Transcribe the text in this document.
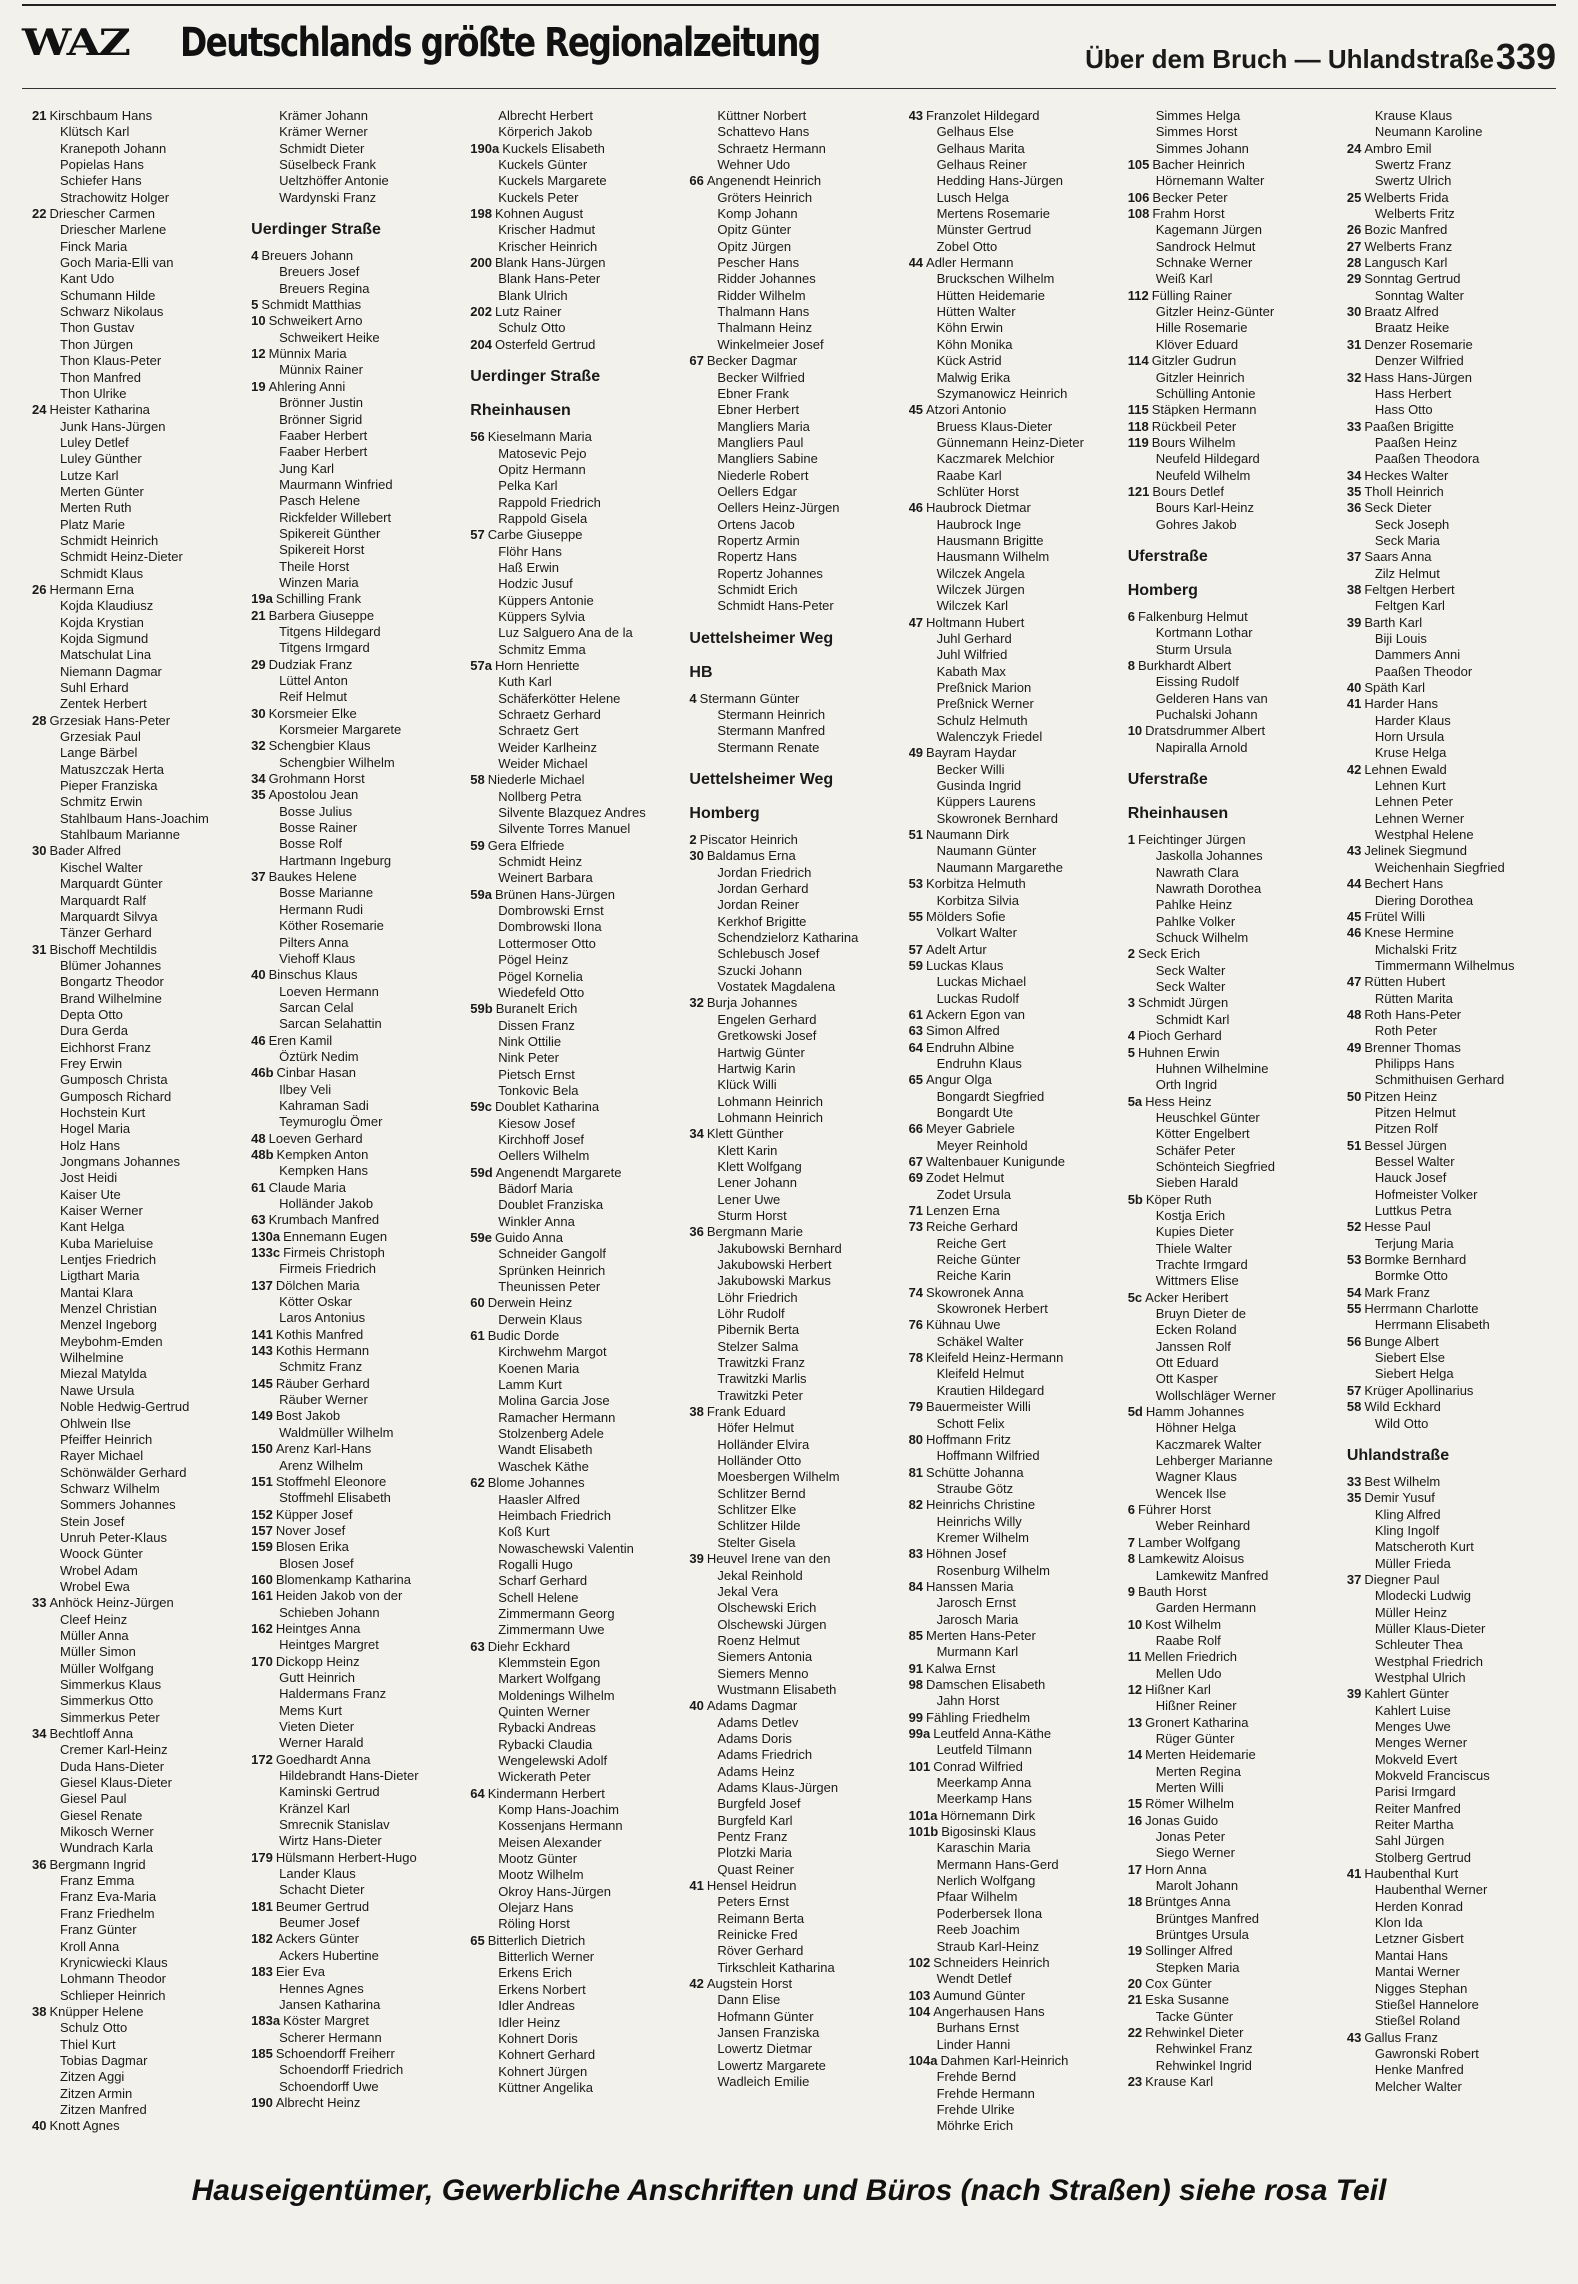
WAZ Deutschlands größte Regionalzeitung	Über dem Bruch — Uhlandstraße 339
21 Kirschbaum Hans
Klütsch Karl
Kranepoth Johann
Popielas Hans
Schiefer Hans
Strachowitz Holger
22 Driescher Carmen
Driescher Marlene
Finck Maria
Goch Maria-Elli van
Kant Udo
Schumann Hilde
Schwarz Nikolaus
Thon Gustav
Thon Jürgen
Thon Klaus-Peter
Thon Manfred
Thon Ulrike
24 Heister Katharina
Junk Hans-Jürgen
Luley Detlef
Luley Günther
Lutze Karl
Merten Günter
Merten Ruth
Platz Marie
Schmidt Heinrich
Schmidt Heinz-Dieter
Schmidt Klaus
26 Hermann Erna
Kojda Klaudiusz
Kojda Krystian
Kojda Sigmund
Matschulat Lina
Niemann Dagmar
Suhl Erhard
Zentek Herbert
28 Grzesiak Hans-Peter
Grzesiak Paul
Lange Bärbel
Matuszczak Herta
Pieper Franziska
Schmitz Erwin
Stahlbaum Hans-Joachim
Stahlbaum Marianne
30 Bader Alfred
Kischel Walter
Marquardt Günter
Marquardt Ralf
Marquardt Silvya
Tänzer Gerhard
31 Bischoff Mechtildis
Blümer Johannes
Bongartz Theodor
Brand Wilhelmine
Depta Otto
Dura Gerda
Eichhorst Franz
Frey Erwin
Gumposch Christa
Gumposch Richard
Hochstein Kurt
Hogel Maria
Holz Hans
Jongmans Johannes
Jost Heidi
Kaiser Ute
Kaiser Werner
Kant Helga
Kuba Marieluise
Lentjes Friedrich
Ligthart Maria
Mantai Klara
Menzel Christian
Menzel Ingeborg
Meybohm-Emden
Wilhelmine
Miezal Matylda
Nawe Ursula
Noble Hedwig-Gertrud
Ohlwein Ilse
Pfeiffer Heinrich
Rayer Michael
Schönwälder Gerhard
Schwarz Wilhelm
Sommers Johannes
Stein Josef
Unruh Peter-Klaus
Woock Günter
Wrobel Adam
Wrobel Ewa
33 Anhöck Heinz-Jürgen
Cleef Heinz
Müller Anna
Müller Simon
Müller Wolfgang
Simmerkus Klaus
Simmerkus Otto
Simmerkus Peter
34 Bechtloff Anna
Cremer Karl-Heinz
Duda Hans-Dieter
Giesel Klaus-Dieter
Giesel Paul
Giesel Renate
Mikosch Werner
Wundrach Karla
36 Bergmann Ingrid
Franz Emma
Franz Eva-Maria
Franz Friedhelm
Franz Günter
Kroll Anna
Krynicwiecki Klaus
Lohmann Theodor
Schlieper Heinrich
38 Knüpper Helene
Schulz Otto
Thiel Kurt
Tobias Dagmar
Zitzen Aggi
Zitzen Armin
Zitzen Manfred
40 Knott Agnes
Krämer Johann
Krämer Werner
Schmidt Dieter
Süselbeck Frank
Ueltzhöffer Antonie
Wardynski Franz
Uerdinger Straße
4 Breuers Johann
Breuers Josef
Breuers Regina
5 Schmidt Matthias
10 Schweikert Arno
Schweikert Heike
12 Münnix Maria
Münnix Rainer
19 Ahlering Anni
Brönner Justin
Brönner Sigrid
Faaber Herbert
Faaber Herbert
Jung Karl
Maurmann Winfried
Pasch Helene
Rickfelder Willebert
Spikereit Günther
Spikereit Horst
Theile Horst
Winzen Maria
19a Schilling Frank
21 Barbera Giuseppe
Titgens Hildegard
Titgens Irmgard
29 Dudziak Franz
Lüttel Anton
Reif Helmut
30 Korsmeier Elke
Korsmeier Margarete
32 Schengbier Klaus
Schengbier Wilhelm
34 Grohmann Horst
35 Apostolou Jean
Bosse Julius
Bosse Rainer
Bosse Rolf
Hartmann Ingeburg
37 Baukes Helene
Bosse Marianne
Hermann Rudi
Köther Rosemarie
Pilters Anna
Viehoff Klaus
40 Binschus Klaus
Loeven Hermann
Sarcan Celal
Sarcan Selahattin
46 Eren Kamil
Öztürk Nedim
46b Cinbar Hasan
Ilbey Veli
Kahraman Sadi
Teymuroglu Ömer
48 Loeven Gerhard
48b Kempken Anton
Kempken Hans
61 Claude Maria
Holländer Jakob
63 Krumbach Manfred
130a Ennemann Eugen
133c Firmeis Christoph
Firmeis Friedrich
137 Dölchen Maria
Kötter Oskar
Laros Antonius
141 Kothis Manfred
143 Kothis Hermann
Schmitz Franz
145 Räuber Gerhard
Räuber Werner
149 Bost Jakob
Waldmüller Wilhelm
150 Arenz Karl-Hans
Arenz Wilhelm
151 Stoffmehl Eleonore
Stoffmehl Elisabeth
152 Küpper Josef
157 Nover Josef
159 Blosen Erika
Blosen Josef
160 Blomenkamp Katharina
161 Heiden Jakob von der
Schieben Johann
162 Heintges Anna
Heintges Margret
170 Dickopp Heinz
Gutt Heinrich
Haldermans Franz
Mems Kurt
Vieten Dieter
Werner Harald
172 Goedhardt Anna
Hildebrandt Hans-Dieter
Kaminski Gertrud
Kränzel Karl
Smrecnik Stanislav
Wirtz Hans-Dieter
179 Hülsmann Herbert-Hugo
Lander Klaus
Schacht Dieter
181 Beumer Gertrud
Beumer Josef
182 Ackers Günter
Ackers Hubertine
183 Eier Eva
Hennes Agnes
Jansen Katharina
183a Köster Margret
Scherer Hermann
185 Schoendorff Freiherr
Schoendorff Friedrich
Schoendorff Uwe
190 Albrecht Heinz
Albrecht Herbert
Körperich Jakob
190a Kuckels Elisabeth
Kuckels Günter
Kuckels Margarete
Kuckels Peter
198 Kohnen August
Krischer Hadmut
Krischer Heinrich
200 Blank Hans-Jürgen
Blank Hans-Peter
Blank Ulrich
202 Lutz Rainer
Schulz Otto
204 Osterfeld Gertrud
Uerdinger Straße
Rheinhausen
56 Kieselmann Maria
Matosevic Pejo
Opitz Hermann
Pelka Karl
Rappold Friedrich
Rappold Gisela
57 Carbe Giuseppe
Flöhr Hans
Haß Erwin
Hodzic Jusuf
Küppers Antonie
Küppers Sylvia
Luz Salguero Ana de la
Schmitz Emma
57a Horn Henriette
Kuth Karl
Schäferkötter Helene
Schraetz Gerhard
Schraetz Gert
Weider Karlheinz
Weider Michael
58 Niederle Michael
Nollberg Petra
Silvente Blazquez Andres
Silvente Torres Manuel
59 Gera Elfriede
Schmidt Heinz
Weinert Barbara
59a Brünen Hans-Jürgen
Dombrowski Ernst
Dombrowski Ilona
Lottermoser Otto
Pögel Heinz
Pögel Kornelia
Wiedefeld Otto
59b Buranelt Erich
Dissen Franz
Nink Ottilie
Nink Peter
Pietsch Ernst
Tonkovic Bela
59c Doublet Katharina
Kiesow Josef
Kirchhoff Josef
Oellers Wilhelm
59d Angenendt Margarete
Bädorf Maria
Doublet Franziska
Winkler Anna
59e Guido Anna
Schneider Gangolf
Sprünken Heinrich
Theunissen Peter
60 Derwein Heinz
Derwein Klaus
61 Budic Dorde
Kirchwehm Margot
Koenen Maria
Lamm Kurt
Molina Garcia Jose
Ramacher Hermann
Stolzenberg Adele
Wandt Elisabeth
Waschek Käthe
62 Blome Johannes
Haasler Alfred
Heimbach Friedrich
Koß Kurt
Nowaschewski Valentin
Rogalli Hugo
Scharf Gerhard
Schell Helene
Zimmermann Georg
Zimmermann Uwe
63 Diehr Eckhard
Klemmstein Egon
Markert Wolfgang
Moldenings Wilhelm
Quinten Werner
Rybacki Andreas
Rybacki Claudia
Wengelewski Adolf
Wickerath Peter
64 Kindermann Herbert
Komp Hans-Joachim
Kossenjans Hermann
Meisen Alexander
Mootz Günter
Mootz Wilhelm
Okroy Hans-Jürgen
Olejarz Hans
Röling Horst
65 Bitterlich Dietrich
Bitterlich Werner
Erkens Erich
Erkens Norbert
Idler Andreas
Idler Heinz
Kohnert Doris
Kohnert Gerhard
Kohnert Jürgen
Küttner Angelika
Küttner Norbert
Schattevo Hans
Schraetz Hermann
Wehner Udo
66 Angenendt Heinrich
Gröters Heinrich
Komp Johann
Opitz Günter
Opitz Jürgen
Pescher Hans
Ridder Johannes
Ridder Wilhelm
Thalmann Hans
Thalmann Heinz
Winkelmeier Josef
67 Becker Dagmar
Becker Wilfried
Ebner Frank
Ebner Herbert
Mangliers Maria
Mangliers Paul
Mangliers Sabine
Niederle Robert
Oellers Edgar
Oellers Heinz-Jürgen
Ortens Jacob
Ropertz Armin
Ropertz Hans
Ropertz Johannes
Schmidt Erich
Schmidt Hans-Peter
Uettelsheimer Weg
HB
4 Stermann Günter
Stermann Heinrich
Stermann Manfred
Stermann Renate
Uettelsheimer Weg
Homberg
2 Piscator Heinrich
30 Baldamus Erna
Jordan Friedrich
Jordan Gerhard
Jordan Reiner
Kerkhof Brigitte
Schendzielorz Katharina
Schlebusch Josef
Szucki Johann
Vostatek Magdalena
32 Burja Johannes
Engelen Gerhard
Gretkowski Josef
Hartwig Günter
Hartwig Karin
Klück Willi
Lohmann Heinrich
Lohmann Heinrich
34 Klett Günther
Klett Karin
Klett Wolfgang
Lener Johann
Lener Uwe
Sturm Horst
36 Bergmann Marie
Jakubowski Bernhard
Jakubowski Herbert
Jakubowski Markus
Löhr Friedrich
Löhr Rudolf
Pibernik Berta
Stelzer Salma
Trawitzki Franz
Trawitzki Marlis
Trawitzki Peter
38 Frank Eduard
Höfer Helmut
Holländer Elvira
Holländer Otto
Moesbergen Wilhelm
Schlitzer Bernd
Schlitzer Elke
Schlitzer Hilde
Stelter Gisela
39 Heuvel Irene van den
Jekal Reinhold
Jekal Vera
Olschewski Erich
Olschewski Jürgen
Roenz Helmut
Siemers Antonia
Siemers Menno
Wustmann Elisabeth
40 Adams Dagmar
Adams Detlev
Adams Doris
Adams Friedrich
Adams Heinz
Adams Klaus-Jürgen
Burgfeld Josef
Burgfeld Karl
Pentz Franz
Plotzki Maria
Quast Reiner
41 Hensel Heidrun
Peters Ernst
Reimann Berta
Reinicke Fred
Röver Gerhard
Tirkschleit Katharina
42 Augstein Horst
Dann Elise
Hofmann Günter
Jansen Franziska
Lowertz Dietmar
Lowertz Margarete
Wadleich Emilie
43 Franzolet Hildegard
Gelhaus Else
Gelhaus Marita
Gelhaus Reiner
Hedding Hans-Jürgen
Lusch Helga
Mertens Rosemarie
Münster Gertrud
Zobel Otto
44 Adler Hermann
Bruckschen Wilhelm
Hütten Heidemarie
Hütten Walter
Köhn Erwin
Köhn Monika
Kück Astrid
Malwig Erika
Szymanowicz Heinrich
45 Atzori Antonio
Bruess Klaus-Dieter
Günnemann Heinz-Dieter
Kaczmarek Melchior
Raabe Karl
Schlüter Horst
46 Haubrock Dietmar
Haubrock Inge
Hausmann Brigitte
Hausmann Wilhelm
Wilczek Angela
Wilczek Jürgen
Wilczek Karl
47 Holtmann Hubert
Juhl Gerhard
Juhl Wilfried
Kabath Max
Preßnick Marion
Preßnick Werner
Schulz Helmuth
Walenczyk Friedel
49 Bayram Haydar
Becker Willi
Gusinda Ingrid
Küppers Laurens
Skowronek Bernhard
51 Naumann Dirk
Naumann Günter
Naumann Margarethe
53 Korbitza Helmuth
Korbitza Silvia
55 Mölders Sofie
Volkart Walter
57 Adelt Artur
59 Luckas Klaus
Luckas Michael
Luckas Rudolf
61 Ackern Egon van
63 Simon Alfred
64 Endruhn Albine
Endruhn Klaus
65 Angur Olga
Bongardt Siegfried
Bongardt Ute
66 Meyer Gabriele
Meyer Reinhold
67 Waltenbauer Kunigunde
69 Zodet Helmut
Zodet Ursula
71 Lenzen Erna
73 Reiche Gerhard
Reiche Gert
Reiche Günter
Reiche Karin
74 Skowronek Anna
Skowronek Herbert
76 Kühnau Uwe
Schäkel Walter
78 Kleifeld Heinz-Hermann
Kleifeld Helmut
Krautien Hildegard
79 Bauermeister Willi
Schott Felix
80 Hoffmann Fritz
Hoffmann Wilfried
81 Schütte Johanna
Straube Götz
82 Heinrichs Christine
Heinrichs Willy
Kremer Wilhelm
83 Höhnen Josef
Rosenburg Wilhelm
84 Hanssen Maria
Jarosch Ernst
Jarosch Maria
85 Merten Hans-Peter
Murmann Karl
91 Kalwa Ernst
98 Damschen Elisabeth
Jahn Horst
99 Fähling Friedhelm
99a Leutfeld Anna-Käthe
Leutfeld Tilmann
101 Conrad Wilfried
Meerkamp Anna
Meerkamp Hans
101a Hörnemann Dirk
101b Bigosinski Klaus
Karaschin Maria
Mermann Hans-Gerd
Nerlich Wolfgang
Pfaar Wilhelm
Poderbersek Ilona
Reeb Joachim
Straub Karl-Heinz
102 Schneiders Heinrich
Wendt Detlef
103 Aumund Günter
104 Angerhausen Hans
Burhans Ernst
Linder Hanni
104a Dahmen Karl-Heinrich
Frehde Bernd
Frehde Hermann
Frehde Ulrike
Möhrke Erich
Simmes Helga
Simmes Horst
Simmes Johann
105 Bacher Heinrich
Hörnemann Walter
106 Becker Peter
108 Frahm Horst
Kagemann Jürgen
Sandrock Helmut
Schnake Werner
Weiß Karl
112 Fülling Rainer
Gitzler Heinz-Günter
Hille Rosemarie
Klöver Eduard
114 Gitzler Gudrun
Gitzler Heinrich
Schülling Antonie
115 Stäpken Hermann
118 Rückbeil Peter
119 Bours Wilhelm
Neufeld Hildegard
Neufeld Wilhelm
121 Bours Detlef
Bours Karl-Heinz
Gohres Jakob
Uferstraße
Homberg
6 Falkenburg Helmut
Kortmann Lothar
Sturm Ursula
8 Burkhardt Albert
Eissing Rudolf
Gelderen Hans van
Puchalski Johann
10 Dratsdrummer Albert
Napiralla Arnold
Uferstraße
Rheinhausen
1 Feichtinger Jürgen
Jaskolla Johannes
Nawrath Clara
Nawrath Dorothea
Pahlke Heinz
Pahlke Volker
Schuck Wilhelm
2 Seck Erich
Seck Walter
Seck Walter
3 Schmidt Jürgen
Schmidt Karl
4 Pioch Gerhard
5 Huhnen Erwin
Huhnen Wilhelmine
Orth Ingrid
5a Hess Heinz
Heuschkel Günter
Kötter Engelbert
Schäfer Peter
Schönteich Siegfried
Sieben Harald
5b Köper Ruth
Kostja Erich
Kupies Dieter
Thiele Walter
Trachte Irmgard
Wittmers Elise
5c Acker Heribert
Bruyn Dieter de
Ecken Roland
Janssen Rolf
Ott Eduard
Ott Kasper
Wollschläger Werner
5d Hamm Johannes
Höhner Helga
Kaczmarek Walter
Lehberger Marianne
Wagner Klaus
Wencek Ilse
6 Führer Horst
Weber Reinhard
7 Lamber Wolfgang
8 Lamkewitz Aloisus
Lamkewitz Manfred
9 Bauth Horst
Garden Hermann
10 Kost Wilhelm
Raabe Rolf
11 Mellen Friedrich
Mellen Udo
12 Hißner Karl
Hißner Reiner
13 Gronert Katharina
Rüger Günter
14 Merten Heidemarie
Merten Regina
Merten Willi
15 Römer Wilhelm
16 Jonas Guido
Jonas Peter
Siego Werner
17 Horn Anna
Marolt Johann
18 Brüntges Anna
Brüntges Manfred
Brüntges Ursula
19 Sollinger Alfred
Stepken Maria
20 Cox Günter
21 Eska Susanne
Tacke Günter
22 Rehwinkel Dieter
Rehwinkel Franz
Rehwinkel Ingrid
23 Krause Karl
Krause Klaus
Neumann Karoline
24 Ambro Emil
Swertz Franz
Swertz Ulrich
25 Welberts Frida
Welberts Fritz
26 Bozic Manfred
27 Welberts Franz
28 Langusch Karl
29 Sonntag Gertrud
Sonntag Walter
30 Braatz Alfred
Braatz Heike
31 Denzer Rosemarie
Denzer Wilfried
32 Hass Hans-Jürgen
Hass Herbert
Hass Otto
33 Paaßen Brigitte
Paaßen Heinz
Paaßen Theodora
34 Heckes Walter
35 Tholl Heinrich
36 Seck Dieter
Seck Joseph
Seck Maria
37 Saars Anna
Zilz Helmut
38 Feltgen Herbert
Feltgen Karl
39 Barth Karl
Biji Louis
Dammers Anni
Paaßen Theodor
40 Späth Karl
41 Harder Hans
Harder Klaus
Horn Ursula
Kruse Helga
42 Lehnen Ewald
Lehnen Kurt
Lehnen Peter
Lehnen Werner
Westphal Helene
43 Jelinek Siegmund
Weichenhain Siegfried
44 Bechert Hans
Diering Dorothea
45 Frütel Willi
46 Knese Hermine
Michalski Fritz
Timmermann Wilhelmus
47 Rütten Hubert
Rütten Marita
48 Roth Hans-Peter
Roth Peter
49 Brenner Thomas
Philipps Hans
Schmithuisen Gerhard
50 Pitzen Heinz
Pitzen Helmut
Pitzen Rolf
51 Bessel Jürgen
Bessel Walter
Hauck Josef
Hofmeister Volker
Luttkus Petra
52 Hesse Paul
Terjung Maria
53 Bormke Bernhard
Bormke Otto
54 Mark Franz
55 Herrmann Charlotte
Herrmann Elisabeth
56 Bunge Albert
Siebert Else
Siebert Helga
57 Krüger Apollinarius
58 Wild Eckhard
Wild Otto
Uhlandstraße
33 Best Wilhelm
35 Demir Yusuf
Kling Alfred
Kling Ingolf
Matscheroth Kurt
Müller Frieda
37 Diegner Paul
Mlodecki Ludwig
Müller Heinz
Müller Klaus-Dieter
Schleuter Thea
Westphal Friedrich
Westphal Ulrich
39 Kahlert Günter
Kahlert Luise
Menges Uwe
Menges Werner
Mokveld Evert
Mokveld Franciscus
Parisi Irmgard
Reiter Manfred
Reiter Martha
Sahl Jürgen
Stolberg Gertrud
41 Haubenthal Kurt
Haubenthal Werner
Herden Konrad
Klon Ida
Letzner Gisbert
Mantai Hans
Mantai Werner
Nigges Stephan
Stießel Hannelore
Stießel Roland
43 Gallus Franz
Gawronski Robert
Henke Manfred
Melcher Walter
Hauseigentümer, Gewerbliche Anschriften und Büros (nach Straßen) siehe rosa Teil
